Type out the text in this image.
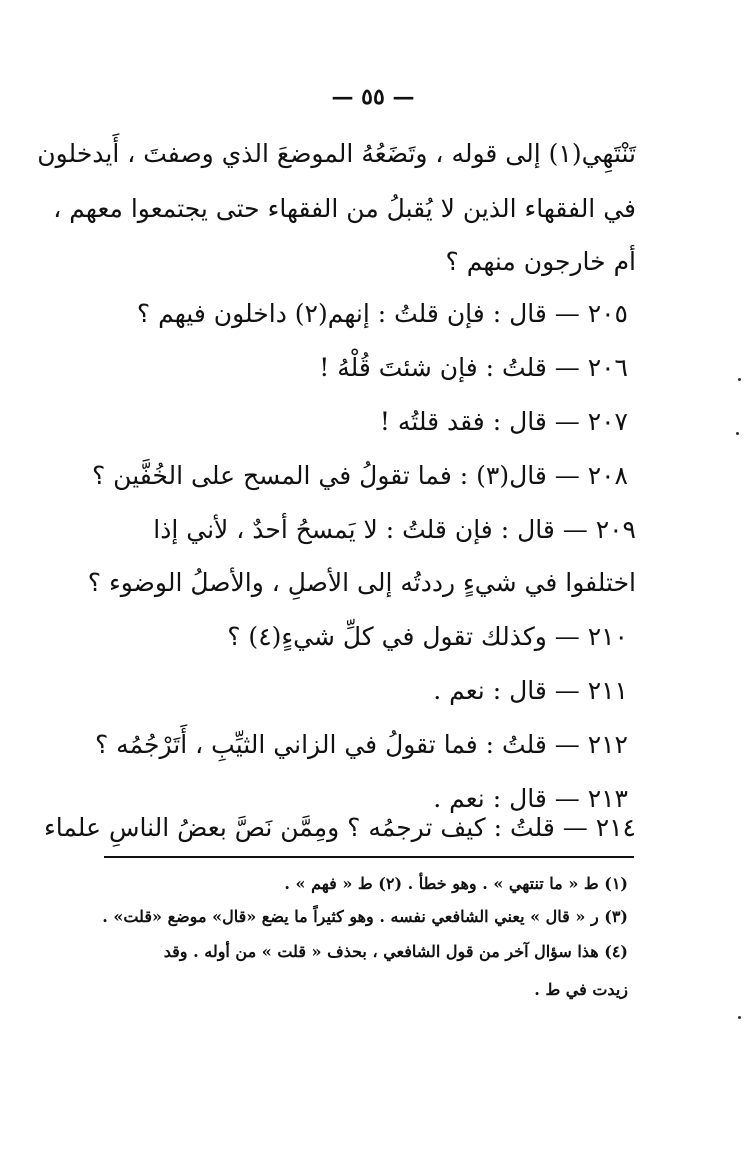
— ٥٥ —
تَنْتَهِي(١) إلى قوله ، وتَضَعُهُ الموضعَ الذي وصفتَ ، أَيدخلون
في الفقهاء الذين لا يُقبلُ من الفقهاء حتى يجتمعوا معهم ،
أم خارجون منهم ؟
٢٠٥ — قال : فإن قلتُ : إنهم(٢) داخلون فيهم ؟
٢٠٦ — قلتُ : فإن شئتَ قُلْهُ !
٢٠٧ — قال : فقد قلتُه !
٢٠٨ — قال(٣) : فما تقولُ في المسح على الخُفَّين ؟
٢٠٩ — قال : فإن قلتُ : لا يَمسحُ أحدٌ ، لأني إذا
اختلفوا في شيءٍ رددتُه إلى الأصلِ ، والأصلُ الوضوء ؟
٢١٠ — وكذلك تقول في كلِّ شيءٍ(٤) ؟
٢١١ — قال : نعم .
٢١٢ — قلتُ : فما تقولُ في الزاني الثيِّبِ ، أَتَرْجُمُه ؟
٢١٣ — قال : نعم .
٢١٤ — قلتُ : كيف ترجمُه ؟ ومِمَّن نَصَّ بعضُ الناسِ علماء
(١) ط « ما تنتهي » . وهو خطأ . (٢) ط « فهم » .
(٣) ر « قال » يعني الشافعي نفسه . وهو كثيراً ما يضع «قال» موضع «قلت» .
(٤) هذا سؤال آخر من قول الشافعي ، بحذف « قلت » من أوله . وقد
زيدت في ط .
